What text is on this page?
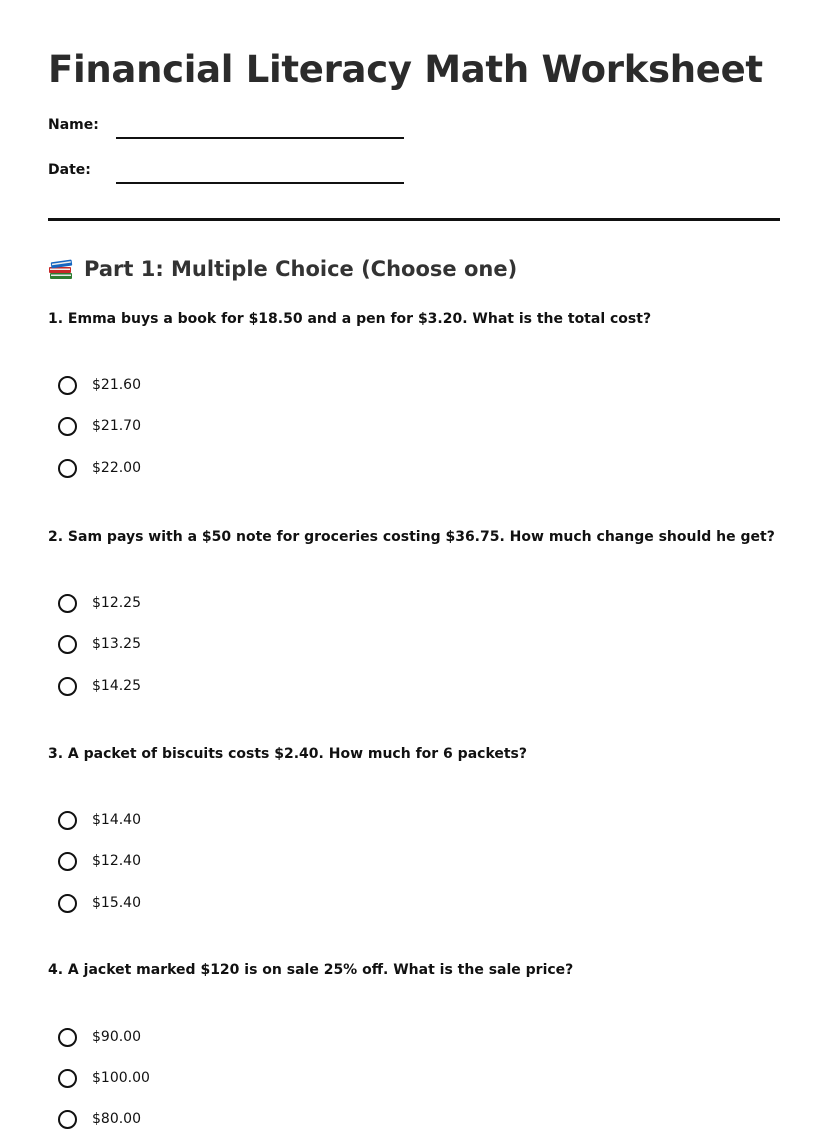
Financial Literacy Math Worksheet
Name:
Date:
Part 1: Multiple Choice (Choose one)
1. Emma buys a book for $18.50 and a pen for $3.20. What is the total cost?
$21.60
$21.70
$22.00
2. Sam pays with a $50 note for groceries costing $36.75. How much change should he get?
$12.25
$13.25
$14.25
3. A packet of biscuits costs $2.40. How much for 6 packets?
$14.40
$12.40
$15.40
4. A jacket marked $120 is on sale 25% off. What is the sale price?
$90.00
$100.00
$80.00
